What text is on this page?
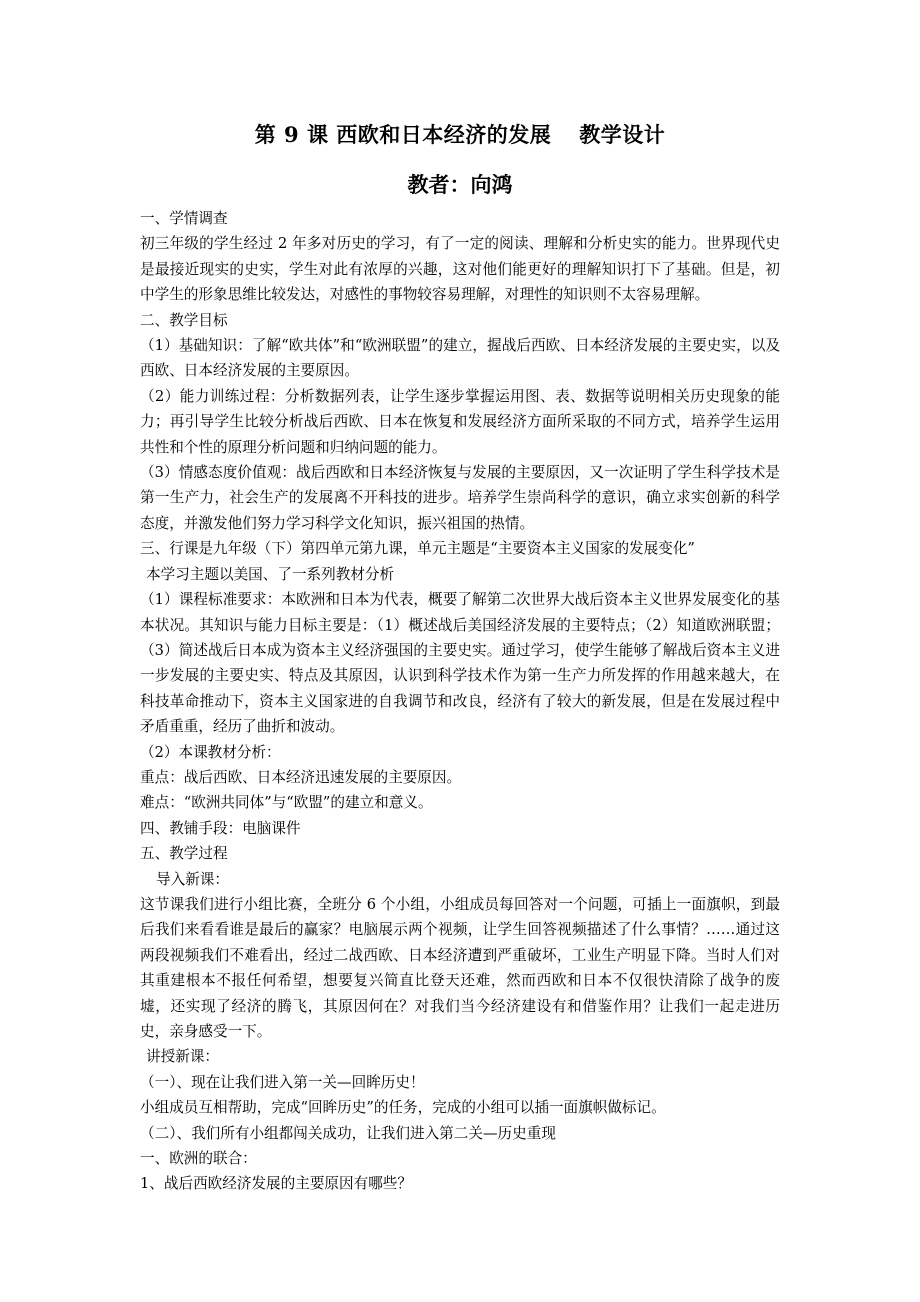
第 9 课 西欧和日本经济的发展 教学设计
教者：向鸿

一、学情调查

初三年级的学生经过 2 年多对历史的学习，有了一定的阅读、理解和分析史实的能力。世界现代史是最接近现实的史实，学生对此有浓厚的兴趣，这对他们能更好的理解知识打下了基础。但是，初中学生的形象思维比较发达，对感性的事物较容易理解，对理性的知识则不太容易理解。

二、教学目标

（1）基础知识：了解“欧共体”和“欧洲联盟”的建立，握战后西欧、日本经济发展的主要史实，以及西欧、日本经济发展的主要原因。

（2）能力训练过程：分析数据列表，让学生逐步掌握运用图、表、数据等说明相关历史现象的能力；再引导学生比较分析战后西欧、日本在恢复和发展经济方面所采取的不同方式，培养学生运用共性和个性的原理分析问题和归纳问题的能力。

（3）情感态度价值观：战后西欧和日本经济恢复与发展的主要原因，又一次证明了学生科学技术是第一生产力，社会生产的发展离不开科技的进步。培养学生崇尚科学的意识，确立求实创新的科学态度，并激发他们努力学习科学文化知识，振兴祖国的热情。

三、行课是九年级（下）第四单元第九课，单元主题是“主要资本主义国家的发展变化”

本学习主题以美国、了一系列教材分析

（1）课程标准要求：本欧洲和日本为代表，概要了解第二次世界大战后资本主义世界发展变化的基本状况。其知识与能力目标主要是：（1）概述战后美国经济发展的主要特点；（2）知道欧洲联盟；（3）简述战后日本成为资本主义经济强国的主要史实。通过学习，使学生能够了解战后资本主义进一步发展的主要史实、特点及其原因，认识到科学技术作为第一生产力所发挥的作用越来越大，在科技革命推动下，资本主义国家进的自我调节和改良，经济有了较大的新发展，但是在发展过程中矛盾重重，经历了曲折和波动。

（2）本课教材分析：

重点：战后西欧、日本经济迅速发展的主要原因。

难点：“欧洲共同体”与“欧盟”的建立和意义。

四、教铺手段：电脑课件

五、教学过程

导入新课：

这节课我们进行小组比赛，全班分 6 个小组，小组成员每回答对一个问题，可插上一面旗帜，到最后我们来看看谁是最后的赢家？电脑展示两个视频，让学生回答视频描述了什么事情？……通过这两段视频我们不难看出，经过二战西欧、日本经济遭到严重破坏，工业生产明显下降。当时人们对其重建根本不报任何希望，想要复兴简直比登天还难，然而西欧和日本不仅很快清除了战争的废墟，还实现了经济的腾飞，其原因何在？对我们当今经济建设有和借鉴作用？让我们一起走进历史，亲身感受一下。

讲授新课：

（一）、现在让我们进入第一关—回眸历史！

小组成员互相帮助，完成“回眸历史”的任务，完成的小组可以插一面旗帜做标记。

（二）、我们所有小组都闯关成功，让我们进入第二关—历史重现

一、欧洲的联合：

1、战后西欧经济发展的主要原因有哪些？
